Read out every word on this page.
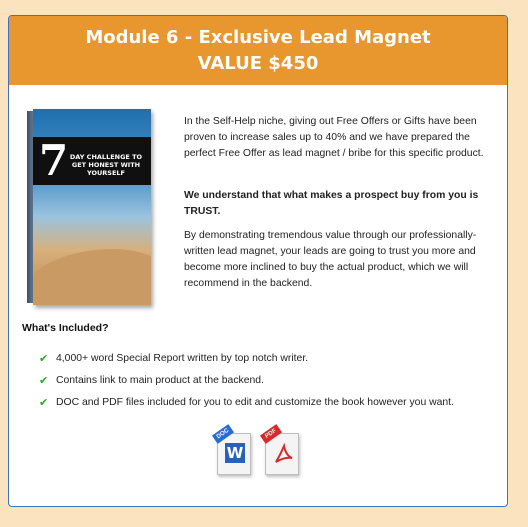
Module 6 - Exclusive Lead Magnet
VALUE $450
7 DAY CHALLENGE TO GET HONEST WITH YOURSELF

In the Self-Help niche, giving out Free Offers or Gifts have been proven to increase sales up to 40% and we have prepared the perfect Free Offer as lead magnet / bribe for this specific product.

We understand that what makes a prospect buy from you is TRUST.

By demonstrating tremendous value through our professionally-written lead magnet, your leads are going to trust you more and become more inclined to buy the actual product, which we will recommend in the backend.

What's Included?
✔ 4,000+ word Special Report written by top notch writer.
✔ Contains link to main product at the backend.
✔ DOC and PDF files included for you to edit and customize the book however you want.
W
DOC	PDF
